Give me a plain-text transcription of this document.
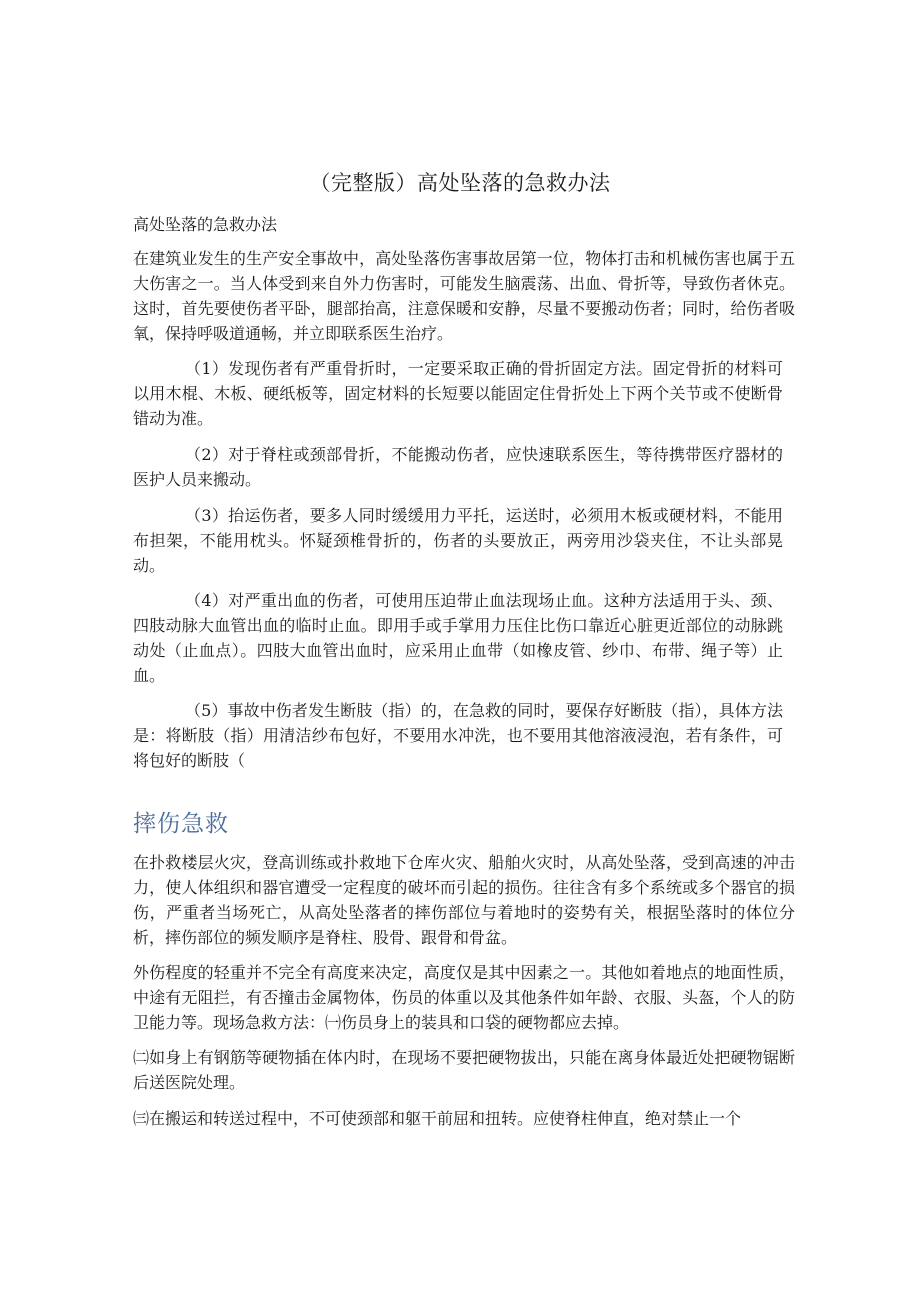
（完整版）高处坠落的急救办法
高处坠落的急救办法
在建筑业发生的生产安全事故中，高处坠落伤害事故居第一位，物体打击和机械伤害也属于五大伤害之一。当人体受到来自外力伤害时，可能发生脑震荡、出血、骨折等，导致伤者休克。这时，首先要使伤者平卧，腿部抬高，注意保暖和安静，尽量不要搬动伤者；同时，给伤者吸氧，保持呼吸道通畅，并立即联系医生治疗。
（1）发现伤者有严重骨折时，一定要采取正确的骨折固定方法。固定骨折的材料可以用木棍、木板、硬纸板等，固定材料的长短要以能固定住骨折处上下两个关节或不使断骨错动为准。
（2）对于脊柱或颈部骨折，不能搬动伤者，应快速联系医生，等待携带医疗器材的医护人员来搬动。
（3）抬运伤者，要多人同时缓缓用力平托，运送时，必须用木板或硬材料，不能用布担架，不能用枕头。怀疑颈椎骨折的，伤者的头要放正，两旁用沙袋夹住，不让头部晃动。
（4）对严重出血的伤者，可使用压迫带止血法现场止血。这种方法适用于头、颈、四肢动脉大血管出血的临时止血。即用手或手掌用力压住比伤口靠近心脏更近部位的动脉跳动处（止血点）。四肢大血管出血时，应采用止血带（如橡皮管、纱巾、布带、绳子等）止血。
（5）事故中伤者发生断肢（指）的，在急救的同时，要保存好断肢（指），具体方法是：将断肢（指）用清洁纱布包好，不要用水冲洗，也不要用其他溶液浸泡，若有条件，可将包好的断肢（
摔伤急救
在扑救楼层火灾，登高训练或扑救地下仓库火灾、船舶火灾时，从高处坠落，受到高速的冲击力，使人体组织和器官遭受一定程度的破坏而引起的损伤。往往含有多个系统或多个器官的损伤，严重者当场死亡，从高处坠落者的摔伤部位与着地时的姿势有关，根据坠落时的体位分析，摔伤部位的频发顺序是脊柱、股骨、跟骨和骨盆。
外伤程度的轻重并不完全有高度来决定，高度仅是其中因素之一。其他如着地点的地面性质，中途有无阻拦，有否撞击金属物体，伤员的体重以及其他条件如年龄、衣服、头盔，个人的防卫能力等。现场急救方法：㈠伤员身上的装具和口袋的硬物都应去掉。
㈡如身上有钢筋等硬物插在体内时，在现场不要把硬物拔出，只能在离身体最近处把硬物锯断后送医院处理。
㈢在搬运和转送过程中，不可使颈部和躯干前屈和扭转。应使脊柱伸直，绝对禁止一个
